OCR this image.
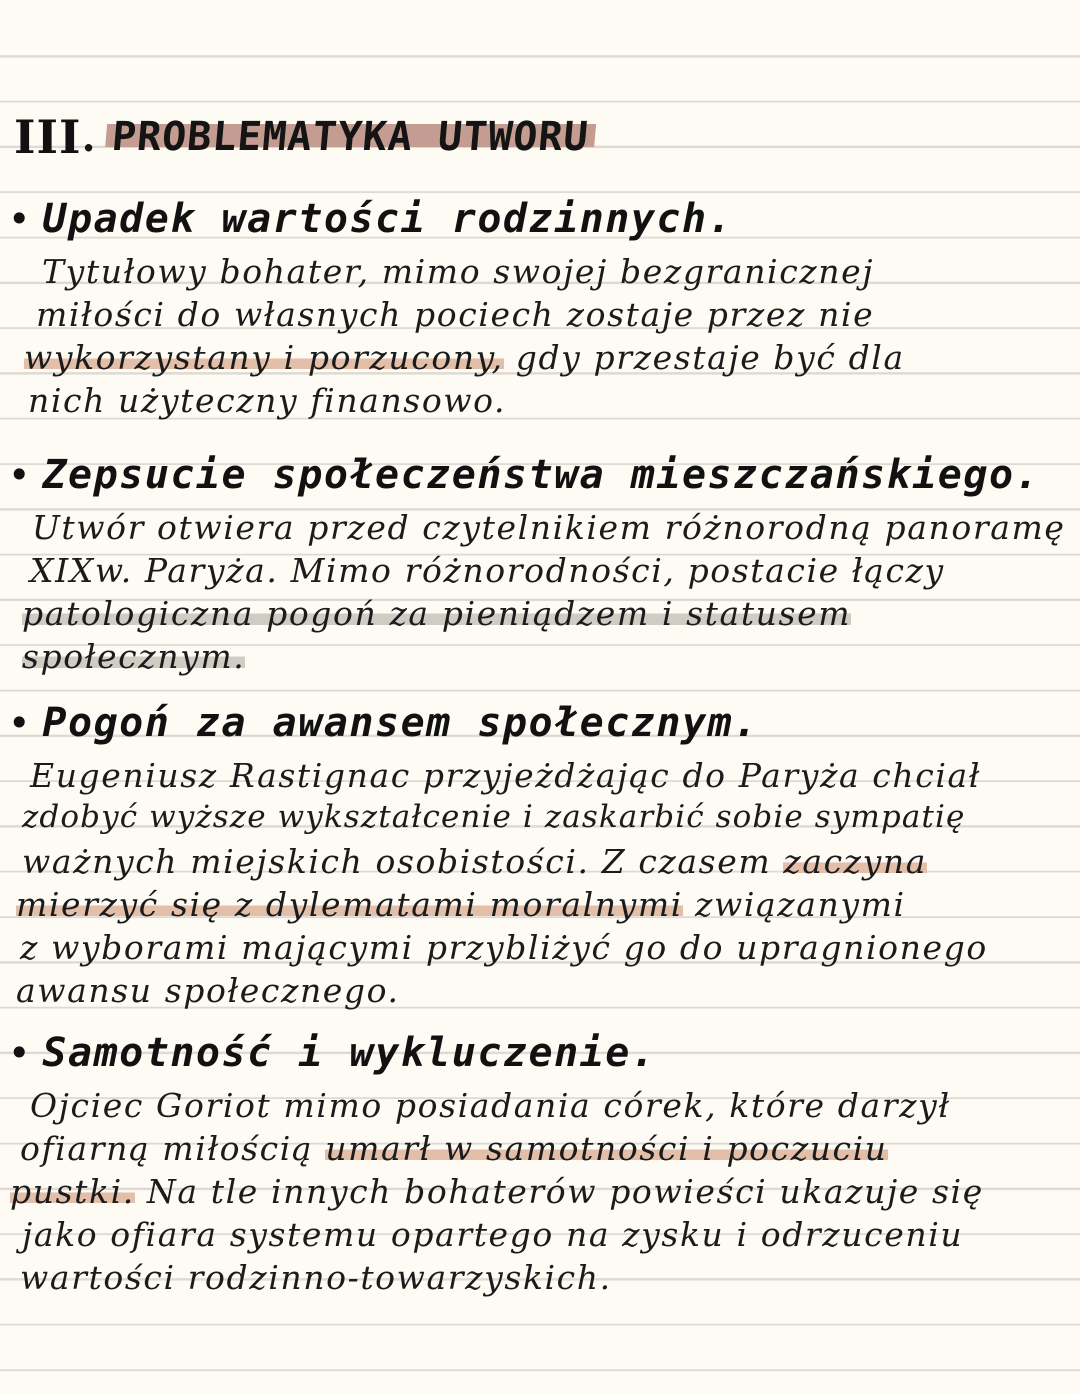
III . PROBLEMATYKA UTWORU
• Upadek wartości rodzinnych.
Tytułowy bohater, mimo swojej bezgranicznej
miłości do własnych pociech zostaje przez nie
wykorzystany i porzucony, gdy przestaje być dla
nich użyteczny finansowo.
• Zepsucie społeczeństwa mieszczańskiego.
Utwór otwiera przed czytelnikiem różnorodną panoramę
XIXw. Paryża. Mimo różnorodności, postacie łączy
patologiczna pogoń za pieniądzem i statusem
społecznym.
• Pogoń za awansem społecznym.
Eugeniusz Rastignac przyjeżdżając do Paryża chciał
zdobyć wyższe wykształcenie i zaskarbić sobie sympatię
ważnych miejskich osobistości. Z czasem zaczyna
mierzyć się z dylematami moralnymi związanymi
z wyborami mającymi przybliżyć go do upragnionego
awansu społecznego.
• Samotność i wykluczenie.
Ojciec Goriot mimo posiadania córek, które darzył
ofiarną miłością umarł w samotności i poczuciu
pustki. Na tle innych bohaterów powieści ukazuje się
jako ofiara systemu opartego na zysku i odrzuceniu
wartości rodzinno-towarzyskich.
